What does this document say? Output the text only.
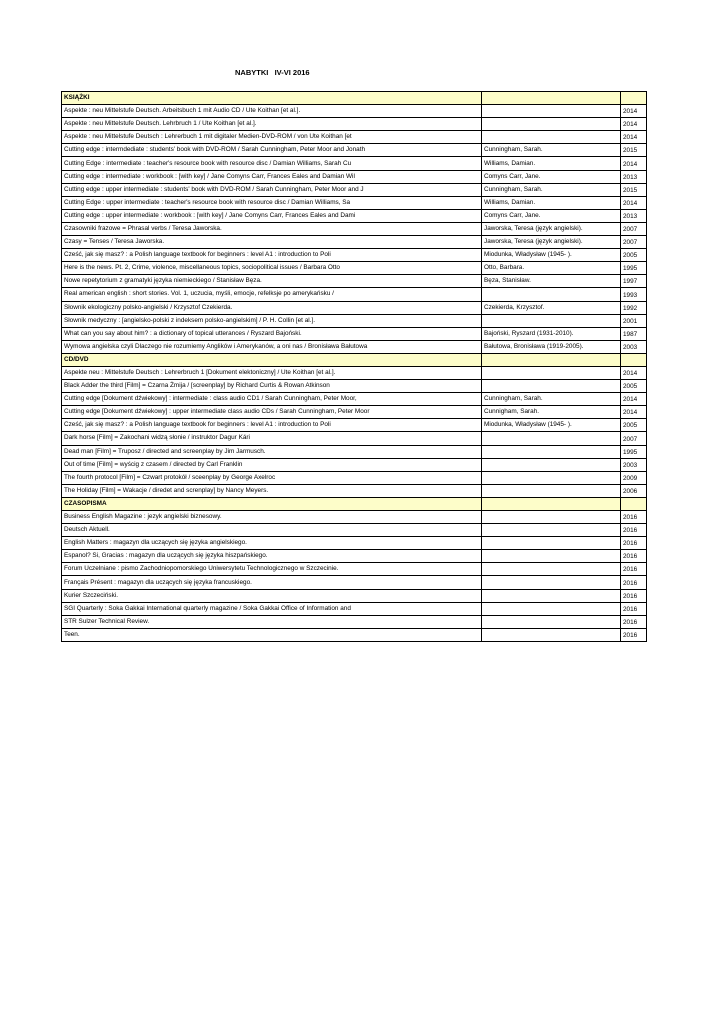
NABYTKI   IV-VI 2016
KSIĄŻKI		
Aspekte : neu Mittelstufe Deutsch. Arbeitsbuch 1 mit Audio CD / Ute Koithan [et al.].		2014
Aspekte : neu Mittelstufe Deutsch. Lehrbruch 1 / Ute Koithan [et al.].		2014
Aspekte : neu Mittelstufe Deutsch : Lehrerbuch 1 mit digitaler Medien-DVD-ROM / von Ute Koithan [et		2014
Cutting edge : intermdediate : students' book with DVD-ROM / Sarah Cunningham, Peter Moor and Jonath	Cunningham, Sarah.	2015
Cutting Edge : intermediate : teacher's resource book with resource disc / Damian Williams, Sarah Cu	Williams, Damian.	2014
Cutting edge : intermediate : workbook : [with key] / Jane Comyns Carr, Frances Eales and Damian Wil	Comyns Carr, Jane.	2013
Cutting edge : upper intermediate : students' book with DVD-ROM / Sarah Cunningham, Peter Moor and J	Cunningham, Sarah.	2015
Cutting Edge : upper intermediate : teacher's resource book with resource disc / Damian Williams, Sa	Williams, Damian.	2014
Cutting edge : upper intermediate : workbook : [with key] / Jane Comyns Carr, Frances Eales and Dami	Comyns Carr, Jane.	2013
Czasowniki frazowe = Phrasal verbs / Teresa Jaworska.	Jaworska, Teresa (język angielski).	2007
Czasy = Tenses / Teresa Jaworska.	Jaworska, Teresa (język angielski).	2007
Cześć, jak się masz? : a Polish language textbook for beginners : level A1 : introduction to Poli	Miodunka, Władysław (1945- ).	2005
Here is the news. Pt. 2, Crime, violence, miscellaneous topics, sociopolitical issues / Barbara Otto	Otto, Barbara.	1995
Nowe repetytorium z gramatyki języka niemieckiego / Stanisław Bęza.	Bęza, Stanisław.	1997
Real american english : short stories. Vol. 1, uczucia, myśli, emocje, refelksje po amerykańsku /		1993
Słownik ekologiczny polsko-angielski / Krzysztof Czekierda.	Czekierda, Krzysztof.	1992
Słownik medyczny : [angielsko-polski z indeksem polsko-angielskim] / P. H. Collin [et al.].		2001
What can you say about him? : a dictionary of topical utterances / Ryszard Bajoński.	Bajoński, Ryszard (1931-2010).	1987
Wymowa angielska czyli Dlaczego nie rozumiemy Anglików i Amerykanów, a oni nas / Bronisława Bałutowa	Bałutowa, Bronisława (1919-2005).	2003
CD/DVD		
Aspekte neu : Mittelstufe Deutsch : Lehrerbruch 1 [Dokument elektoniczny] / Ute Koithan [et al.].		2014
Black Adder the third [Film] = Czarna Żmija / [screenplay] by Richard Curtis & Rowan Atkinson		2005
Cutting edge [Dokument dźwiekowy] : intermediate : class audio CD1 / Sarah Cunningham, Peter Moor,	Cunningham, Sarah.	2014
Cutting edge [Dokument dźwiekowy] : upper intermediate class audio CDs / Sarah Cunningham, Peter Moor	Cunnigham, Sarah.	2014
Cześć, jak się masz? : a Polish language textbook for beginners : level A1 : introduction to Poli	Miodunka, Władysław (1945- ).	2005
Dark horse [Film] = Zakochani widzą słonie / instruktor Dagur Kári		2007
Dead man [Film] = Truposz / directed and screenplay by Jim Jarmusch.		1995
Out of time [Film] = wyścig z czasem / directed by Carl Franklin		2003
The fourth protocol [Film] = Czwart protokół / sceenplay by George Axelroc		2009
The Holiday [Film] = Wakacje / diredet and screnplay] by Nancy Meyers.		2006
CZASOPISMA		
Business English Magazine : jezyk angielski biznesowy.		2016
Deutsch Aktuell.		2016
English Matters : magazyn dla uczących się języka angielskiego.		2016
Espanol? Si, Gracias : magazyn dla uczących się języka hiszpańskiego.		2016
Forum Uczelniane : pismo Zachodniopomorskiego Uniwersytetu Technologicznego w Szczecinie.		2016
Français Présent : magazyn dla uczących się języka francuskiego.		2016
Kurier Szczeciński.		2016
SGI Quarterly : Soka Gakkai International quarterly magazine / Soka Gakkai Office of Information and		2016
STR Sulzer Technical Review.		2016
Teen.		2016
